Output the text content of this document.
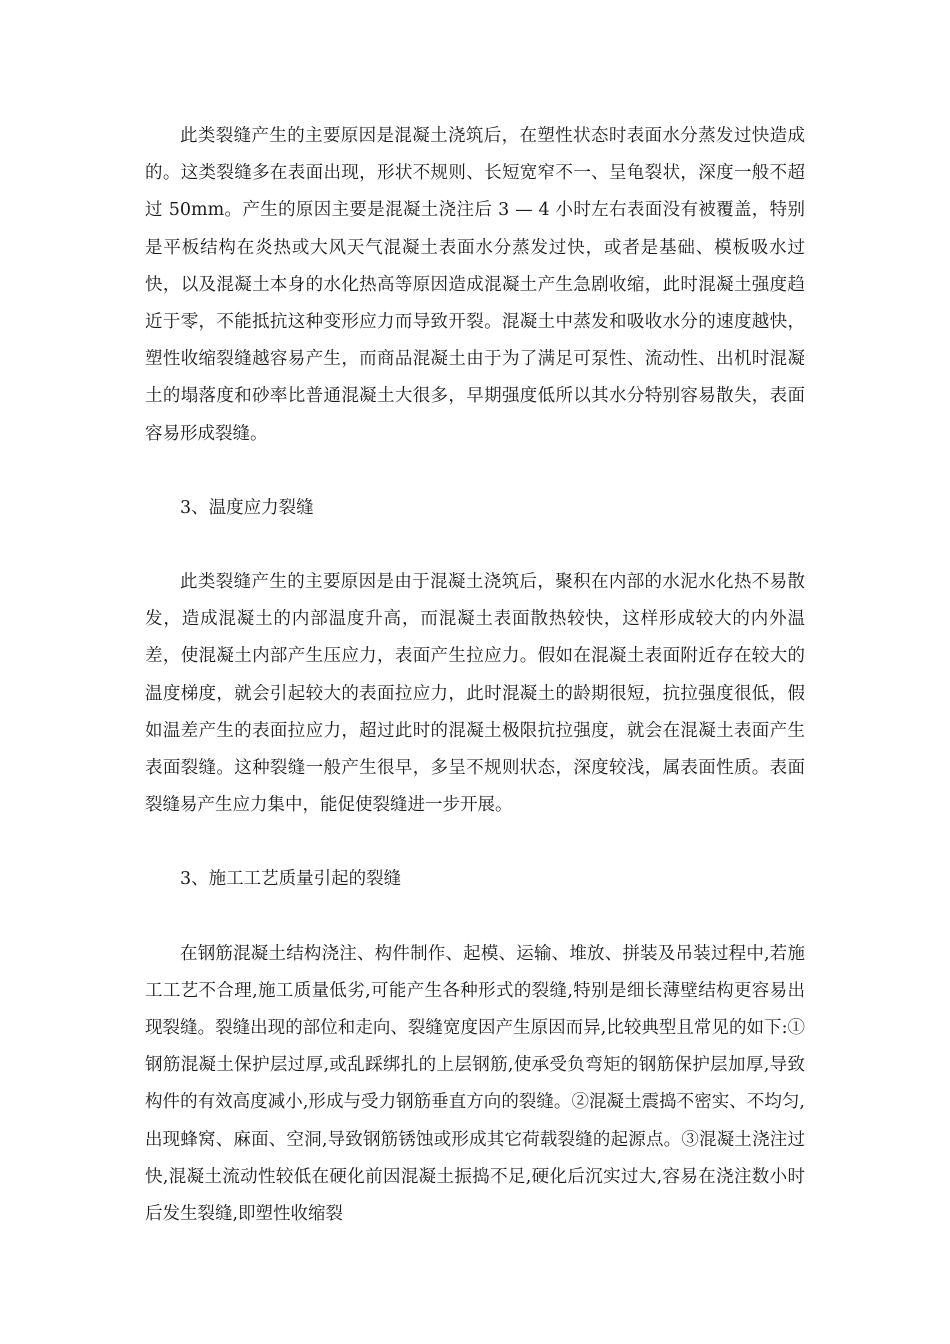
此类裂缝产生的主要原因是混凝土浇筑后，在塑性状态时表面水分蒸发过快造成的。这类裂缝多在表面出现，形状不规则、长短宽窄不一、呈龟裂状，深度一般不超过 50mm。产生的原因主要是混凝土浇注后 3 — 4 小时左右表面没有被覆盖，特别是平板结构在炎热或大风天气混凝土表面水分蒸发过快，或者是基础、模板吸水过快，以及混凝土本身的水化热高等原因造成混凝土产生急剧收缩，此时混凝土强度趋近于零，不能抵抗这种变形应力而导致开裂。混凝土中蒸发和吸收水分的速度越快，塑性收缩裂缝越容易产生，而商品混凝土由于为了满足可泵性、流动性、出机时混凝土的塌落度和砂率比普通混凝土大很多，早期强度低所以其水分特别容易散失，表面容易形成裂缝。

3、温度应力裂缝

此类裂缝产生的主要原因是由于混凝土浇筑后，聚积在内部的水泥水化热不易散发，造成混凝土的内部温度升高，而混凝土表面散热较快，这样形成较大的内外温差，使混凝土内部产生压应力，表面产生拉应力。假如在混凝土表面附近存在较大的温度梯度，就会引起较大的表面拉应力，此时混凝土的龄期很短，抗拉强度很低，假如温差产生的表面拉应力，超过此时的混凝土极限抗拉强度，就会在混凝土表面产生表面裂缝。这种裂缝一般产生很早，多呈不规则状态，深度较浅，属表面性质。表面裂缝易产生应力集中，能促使裂缝进一步开展。

3、施工工艺质量引起的裂缝

在钢筋混凝土结构浇注、构件制作、起模、运输、堆放、拼装及吊装过程中,若施工工艺不合理,施工质量低劣,可能产生各种形式的裂缝,特别是细长薄壁结构更容易出现裂缝。裂缝出现的部位和走向、裂缝宽度因产生原因而异,比较典型且常见的如下:① 钢筋混凝土保护层过厚,或乱踩绑扎的上层钢筋,使承受负弯矩的钢筋保护层加厚,导致构件的有效高度减小,形成与受力钢筋垂直方向的裂缝。②混凝土震捣不密实、不均匀,出现蜂窝、麻面、空洞,导致钢筋锈蚀或形成其它荷载裂缝的起源点。③混凝土浇注过快,混凝土流动性较低在硬化前因混凝土振捣不足,硬化后沉实过大,容易在浇注数小时后发生裂缝,即塑性收缩裂
